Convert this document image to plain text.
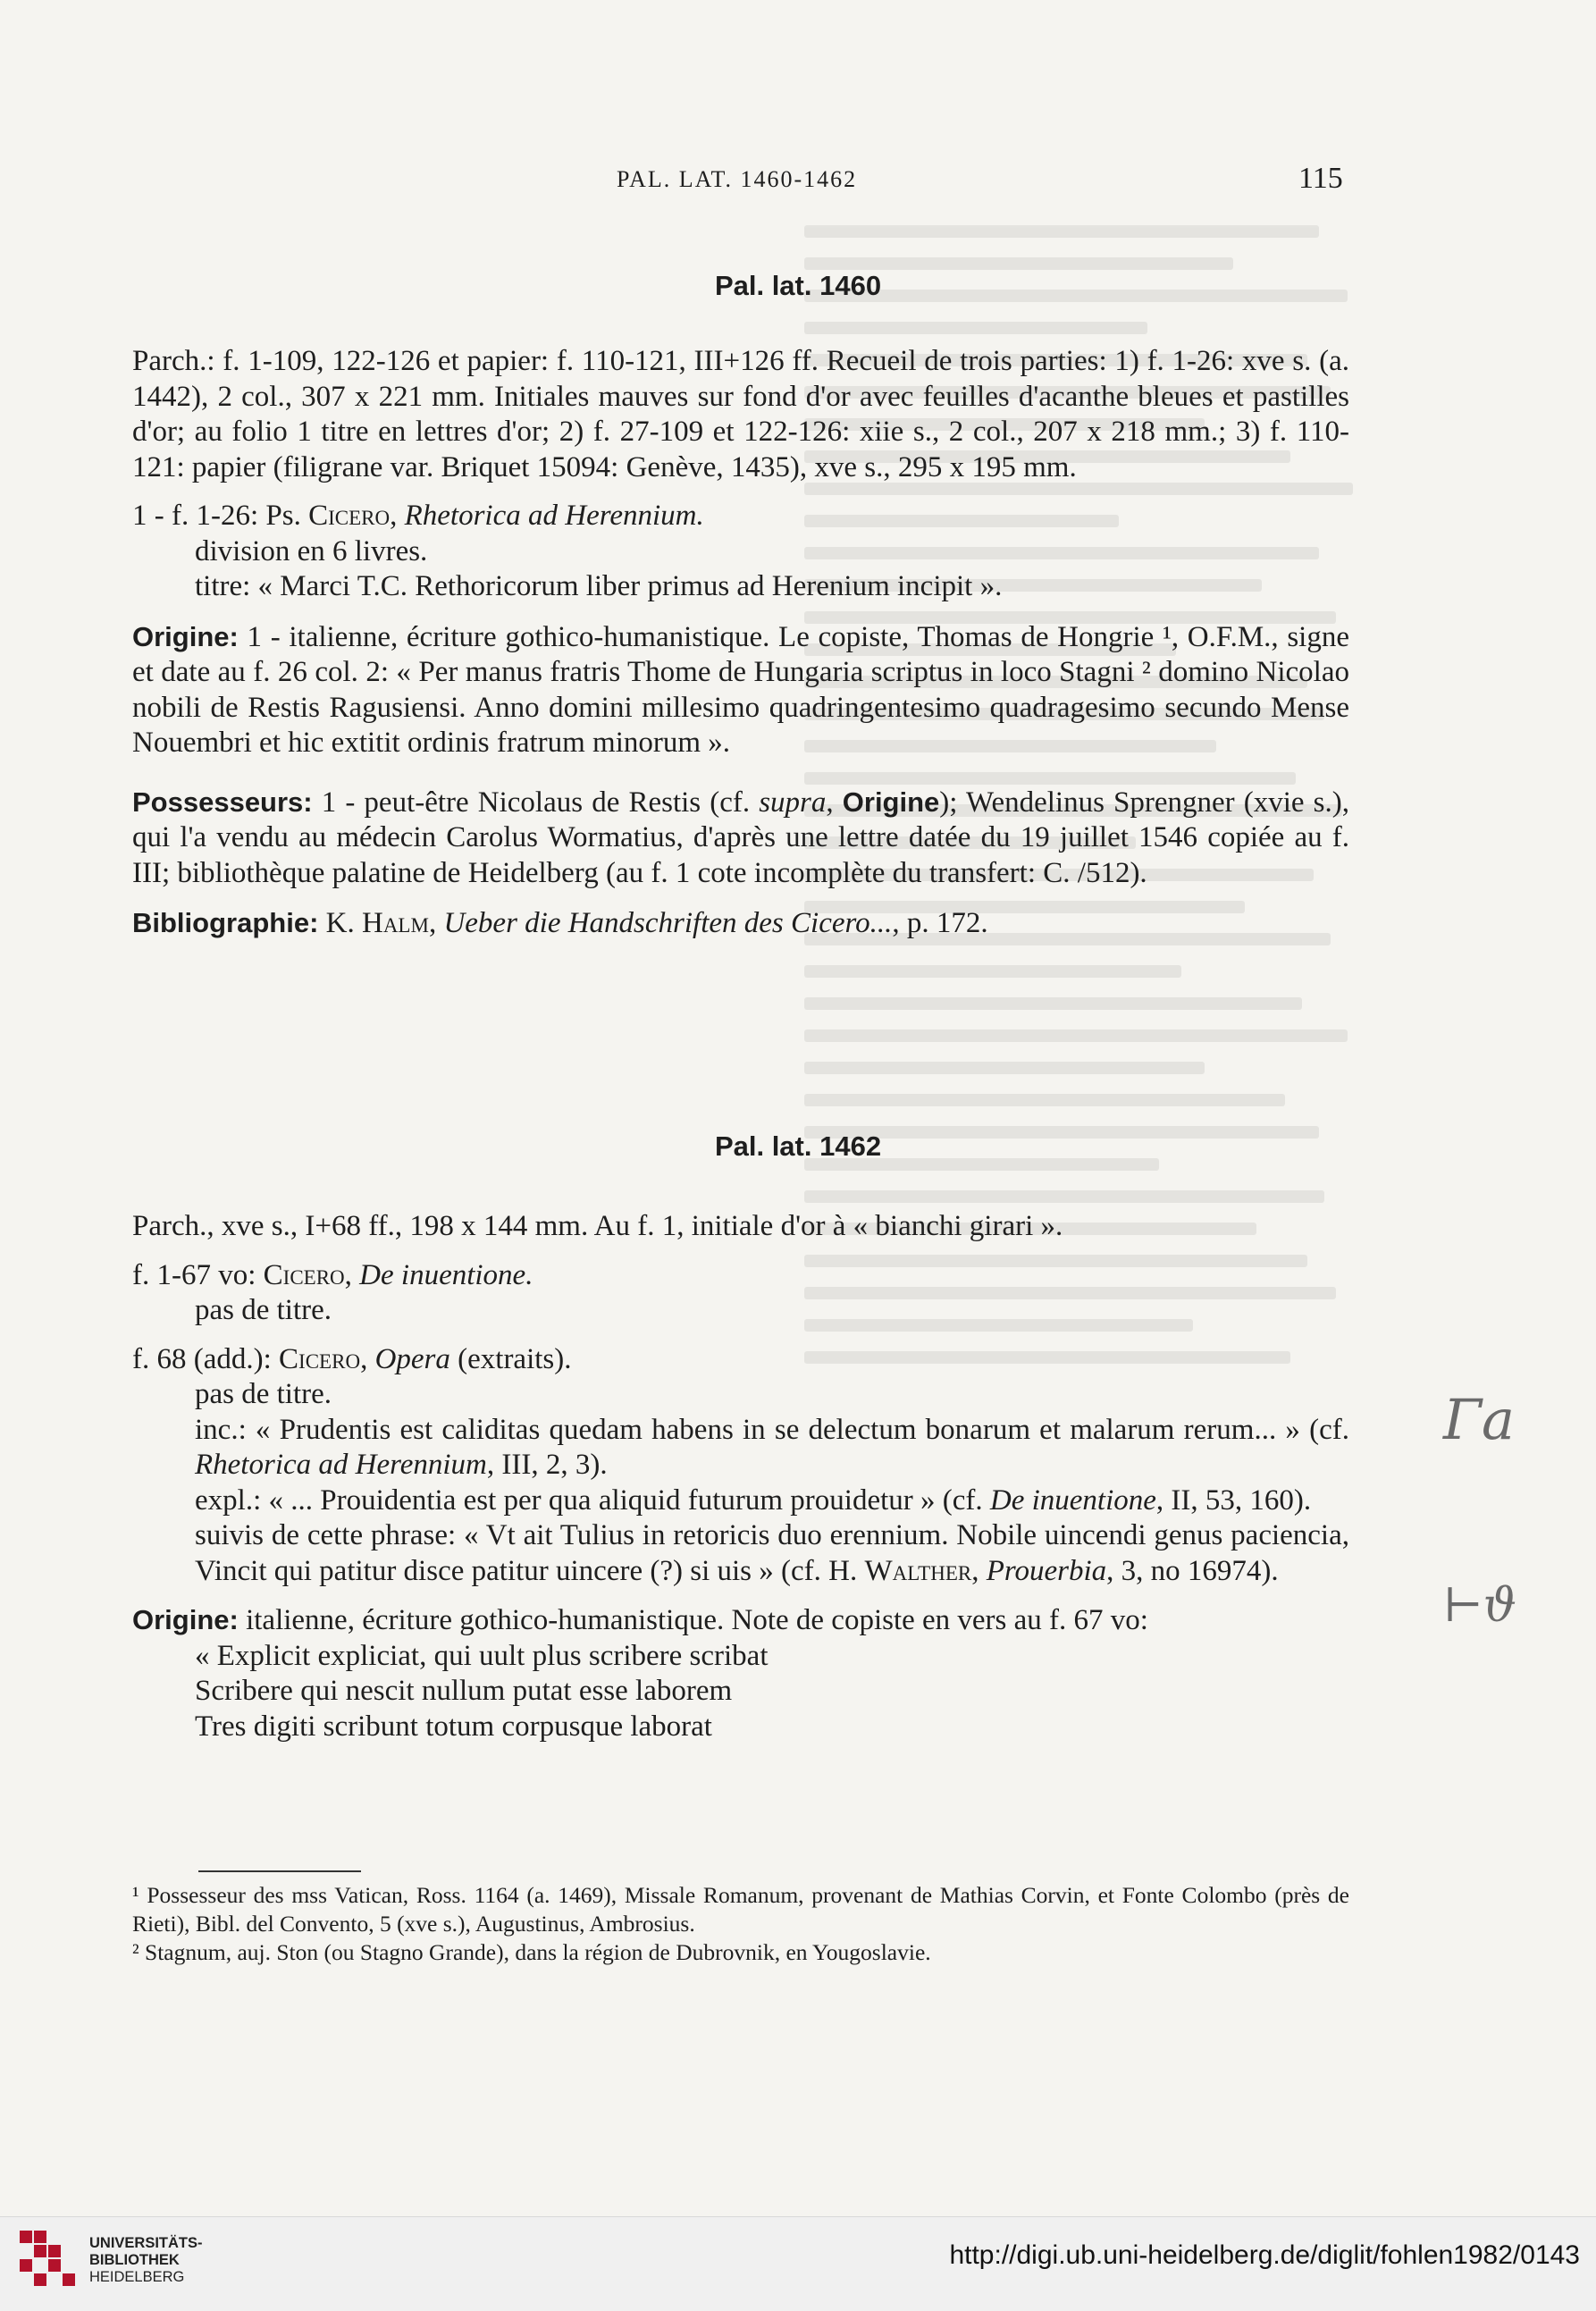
PAL. LAT. 1460-1462	115
Pal. lat. 1460

Parch.: f. 1-109, 122-126 et papier: f. 110-121, III+126 ff. Recueil de trois parties: 1) f. 1-26: xve s. (a. 1442), 2 col., 307 x 221 mm. Initiales mauves sur fond d'or avec feuilles d'acanthe bleues et pastilles d'or; au folio 1 titre en lettres d'or; 2) f. 27-109 et 122-126: xiie s., 2 col., 207 x 218 mm.; 3) f. 110-121: papier (filigrane var. Briquet 15094: Genève, 1435), xve s., 295 x 195 mm.

1 - f. 1-26: Ps. Cicero, Rhetorica ad Herennium.

division en 6 livres.

titre: « Marci T.C. Rethoricorum liber primus ad Herenium incipit ».

Origine: 1 - italienne, écriture gothico-humanistique. Le copiste, Thomas de Hongrie ¹, O.F.M., signe et date au f. 26 col. 2: « Per manus fratris Thome de Hungaria scriptus in loco Stagni ² domino Nicolao nobili de Restis Ragusiensi. Anno domini millesimo quadringentesimo quadragesimo secundo Mense Nouembri et hic extitit ordinis fratrum minorum ».

Possesseurs: 1 - peut-être Nicolaus de Restis (cf. supra, Origine); Wendelinus Sprengner (xvie s.), qui l'a vendu au médecin Carolus Wormatius, d'après une lettre datée du 19 juillet 1546 copiée au f. III; bibliothèque palatine de Heidelberg (au f. 1 cote incomplète du transfert: C. /512).

Bibliographie: K. Halm, Ueber die Handschriften des Cicero..., p. 172.

Pal. lat. 1462

Parch., xve s., I+68 ff., 198 x 144 mm. Au f. 1, initiale d'or à « bianchi girari ».

f. 1-67 vo: Cicero, De inuentione.

pas de titre.

f. 68 (add.): Cicero, Opera (extraits).

pas de titre.

inc.: « Prudentis est caliditas quedam habens in se delectum bonarum et malarum rerum... » (cf. Rhetorica ad Herennium, III, 2, 3).

expl.: « ... Prouidentia est per qua aliquid futurum prouidetur » (cf. De inuentione, II, 53, 160).

suivis de cette phrase: « Vt ait Tulius in retoricis duo erennium. Nobile uincendi genus paciencia, Vincit qui patitur disce patitur uincere (?) si uis » (cf. H. Walther, Prouerbia, 3, no 16974).

Origine: italienne, écriture gothico-humanistique. Note de copiste en vers au f. 67 vo:

« Explicit expliciat, qui uult plus scribere scribat

Scribere qui nescit nullum putat esse laborem

Tres digiti scribunt totum corpusque laborat

¹ Possesseur des mss Vatican, Ross. 1164 (a. 1469), Missale Romanum, provenant de Mathias Corvin, et Fonte Colombo (près de Rieti), Bibl. del Convento, 5 (xve s.), Augustinus, Ambrosius.

² Stagnum, auj. Ston (ou Stagno Grande), dans la région de Dubrovnik, en Yougoslavie.

Γa
⊢ϑ
UNIVERSITÄTS-
BIBLIOTHEK
HEIDELBERG
http://digi.ub.uni-heidelberg.de/diglit/fohlen1982/0143
